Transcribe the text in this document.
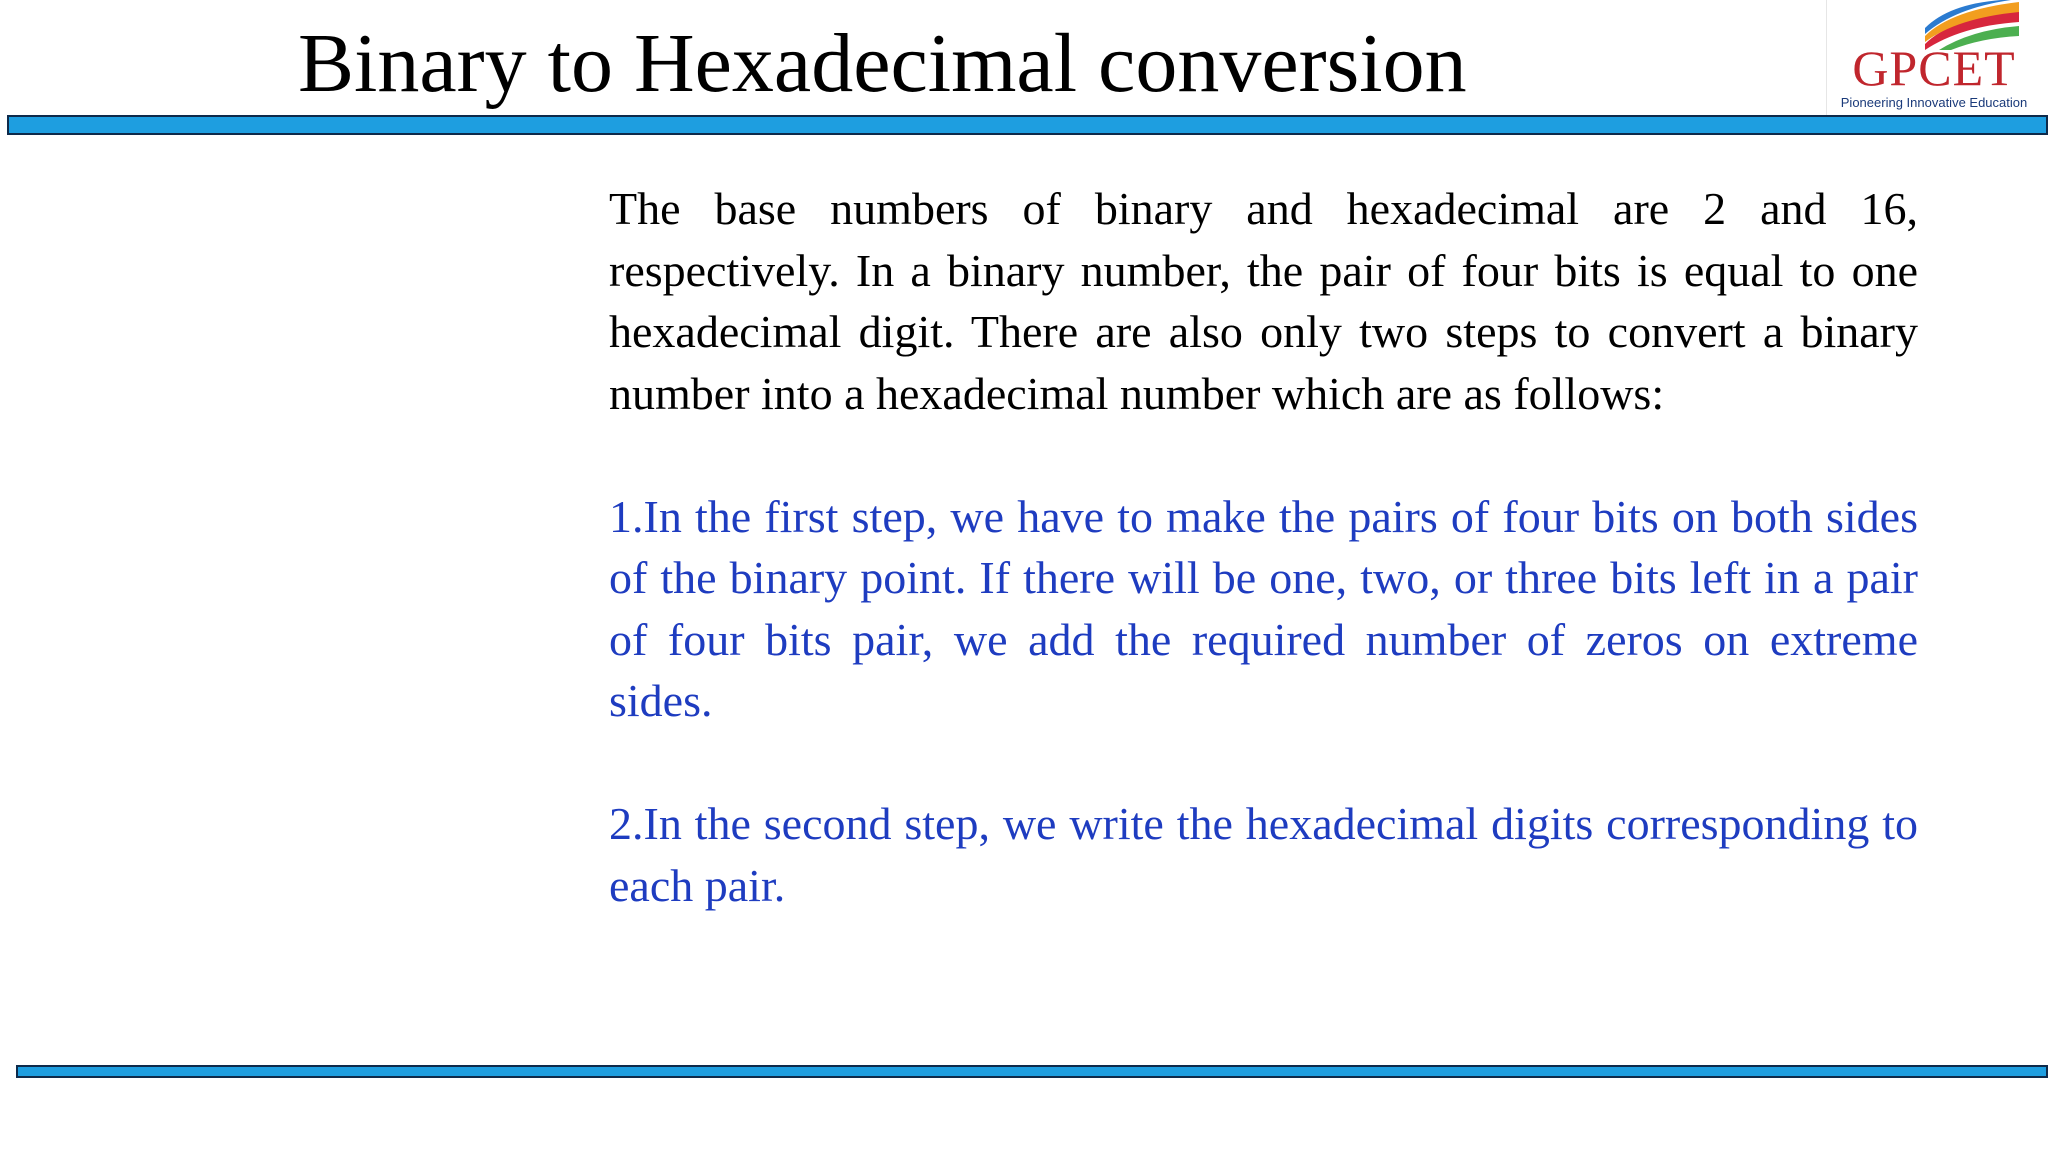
Binary to Hexadecimal conversion	GPCET
Pioneering Innovative Education

The base numbers of binary and hexadecimal are 2 and 16, respectively. In a binary number, the pair of four bits is equal to one hexadecimal digit. There are also only two steps to convert a binary number into a hexadecimal number which are as follows:

1.In the first step, we have to make the pairs of four bits on both sides of the binary point. If there will be one, two, or three bits left in a pair of four bits pair, we add the required number of zeros on extreme sides.

2.In the second step, we write the hexadecimal digits corresponding to each pair.
